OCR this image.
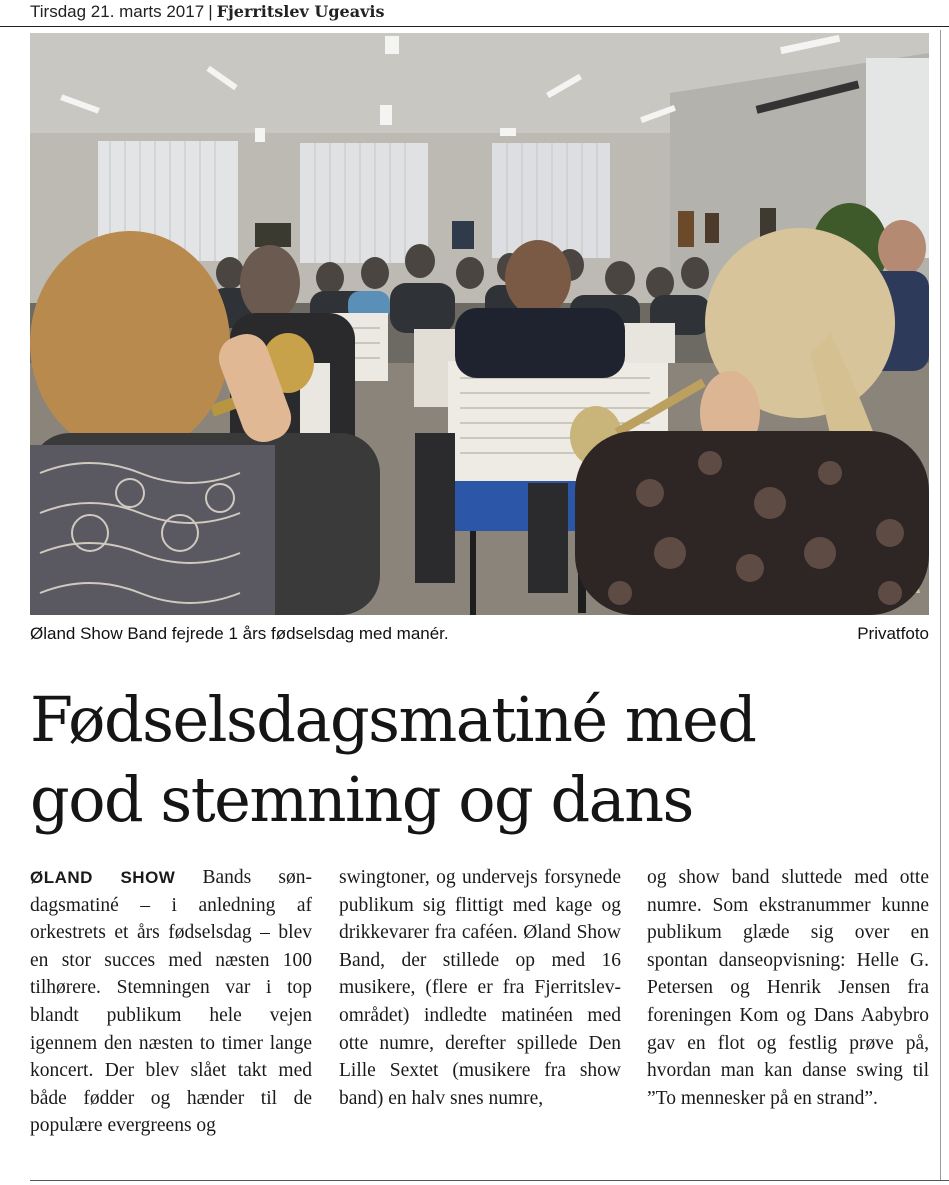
Tirsdag 21. marts 2017 | Fjerritslev Ugeavis
Øland Show Band fejrede 1 års fødselsdag med manér.	Privatfoto
Fødselsdagsmatiné med
god stemning og dans
ØLAND SHOW Bands søndagsmatiné – i anledning af orkestrets et års fødselsdag – blev en stor succes med næsten 100 tilhørere. Stemningen var i top blandt publikum hele vejen igennem den næsten to timer lange koncert. Der blev slået takt med både fødder og hænder til de populære evergreens og
swingtoner, og undervejs forsynede publikum sig flittigt med kage og drikkevarer fra caféen. Øland Show Band, der stillede op med 16 musikere, (flere er fra Fjerritslev-området) indledte matinéen med otte numre, derefter spillede Den Lille Sextet (musikere fra show band) en halv snes numre,
og show band sluttede med otte numre. Som ekstranummer kunne publikum glæde sig over en spontan danseopvisning: Helle G. Petersen og Henrik Jensen fra foreningen Kom og Dans Aabybro gav en flot og festlig prøve på, hvordan man kan danse swing til ”To mennesker på en strand”.
